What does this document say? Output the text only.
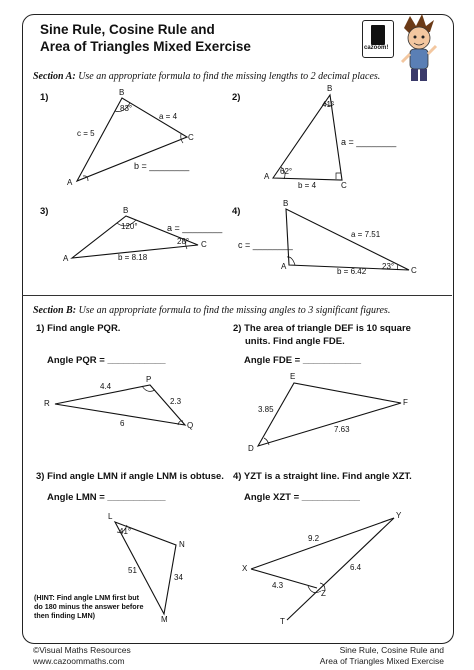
Sine Rule, Cosine Rule and
Area of Triangles Mixed Exercise	cazoom!
Section A: Use an appropriate formula to find the missing lengths to 2 decimal places.
1)
A
B
C
83°
c = 5
a = 4
b = ________
2)
A
B
C
41°
62°
b = 4
a = ________
3)
A
B
C
120°
28°
b = 8.18
a = ________
4)
B
A	C
23°
a = 7.51
b = 6.42
c = ________
Section B: Use an appropriate formula to find the missing angles to 3 significant figures.
1) Find angle PQR.
Angle PQR = ___________
P
Q
R
4.4
2.3
6
2) The area of triangle DEF is 10 square
units. Find angle FDE.
Angle FDE = ___________
D
E
F
3.85
7.63
3) Find angle LMN if angle LNM is obtuse.
Angle LMN = ___________
L
M
N
41°
51
34
(HINT: Find angle LNM first but do 180 minus the answer before then finding LMN)
4) YZT is a straight line. Find angle XZT.
Angle XZT = ___________
X
Y
Z
T
9.2
6.4
4.3
©Visual Maths Resources
www.cazoommaths.com
Sine Rule, Cosine Rule and
Area of Triangles Mixed Exercise
